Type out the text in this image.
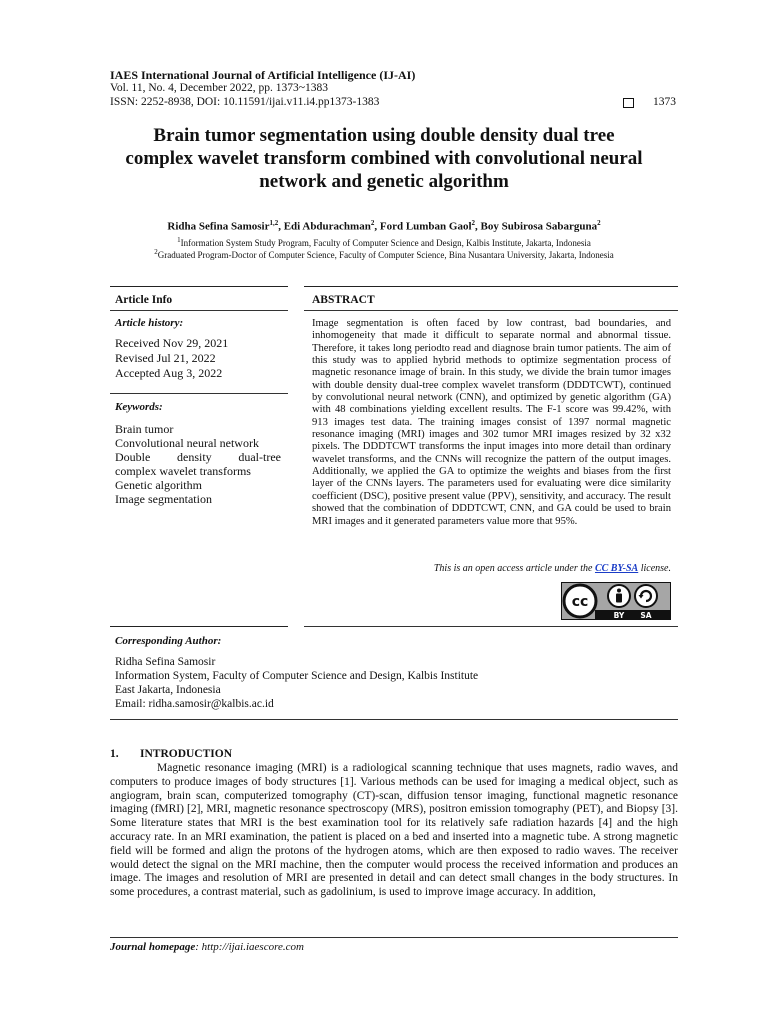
IAES International Journal of Artificial Intelligence (IJ-AI)
Vol. 11, No. 4, December 2022, pp. 1373~1383
ISSN: 2252-8938, DOI: 10.11591/ijai.v11.i4.pp1373-1383	1373
Brain tumor segmentation using double density dual tree
complex wavelet transform combined with convolutional neural
network and genetic algorithm
Ridha Sefina Samosir$^{1,2}$, Edi Abdurachman$^2$, Ford Lumban Gaol$^2$, Boy Subirosa Sabarguna$^2$
$^1$Information System Study Program, Faculty of Computer Science and Design, Kalbis Institute, Jakarta, Indonesia
$^2$Graduated Program-Doctor of Computer Science, Faculty of Computer Science, Bina Nusantara University, Jakarta, Indonesia
Article Info
Article history:
Received Nov 29, 2021
Revised Jul 21, 2022
Accepted Aug 3, 2022
Keywords:
Brain tumor
Convolutional neural network
Double density dual-tree
complex wavelet transforms
Genetic algorithm
Image segmentation
ABSTRACT
Image segmentation is often faced by low contrast, bad boundaries, and inhomogeneity that made it difficult to separate normal and abnormal tissue. Therefore, it takes long periodto read and diagnose brain tumor patients. The aim of this study was to applied hybrid methods to optimize segmentation process of magnetic resonance image of brain. In this study, we divide the brain tumor images with double density dual-tree complex wavelet transform (DDDTCWT), continued by convolutional neural network (CNN), and optimized by genetic algorithm (GA) with 48 combinations yielding excellent results. The F-1 score was 99.42%, with 913 images test data. The training images consist of 1397 normal magnetic resonance imaging (MRI) images and 302 tumor MRI images resized by 32 x32 pixels. The DDDTCWT transforms the input images into more detail than ordinary wavelet transforms, and the CNNs will recognize the pattern of the output images. Additionally, we applied the GA to optimize the weights and biases from the first layer of the CNNs layers. The parameters used for evaluating were dice similarity coefficient (DSC), positive present value (PPV), sensitivity, and accuracy. The result showed that the combination of DDDTCWT, CNN, and GA could be used to brain MRI images and it generated parameters value more that 95%.
This is an open access article under the CC BY-SA license.
cc
BY SA
Corresponding Author:
Ridha Sefina Samosir
Information System, Faculty of Computer Science and Design, Kalbis Institute
East Jakarta, Indonesia
Email: ridha.samosir@kalbis.ac.id
1. INTRODUCTION
Magnetic resonance imaging (MRI) is a radiological scanning technique that uses magnets, radio waves, and computers to produce images of body structures [1]. Various methods can be used for imaging a medical object, such as angiogram, brain scan, computerized tomography (CT)-scan, diffusion tensor imaging, functional magnetic resonance imaging (fMRI) [2], MRI, magnetic resonance spectroscopy (MRS), positron emission tomography (PET), and Biopsy [3]. Some literature states that MRI is the best examination tool for its relatively safe radiation hazards [4] and the high accuracy rate. In an MRI examination, the patient is placed on a bed and inserted into a magnetic tube. A strong magnetic field will be formed and align the protons of the hydrogen atoms, which are then exposed to radio waves. The receiver would detect the signal on the MRI machine, then the computer would process the received information and produces an image. The images and resolution of MRI are presented in detail and can detect small changes in the body structures. In some procedures, a contrast material, such as gadolinium, is used to improve image accuracy. In addition,
Journal homepage: http://ijai.iaescore.com
